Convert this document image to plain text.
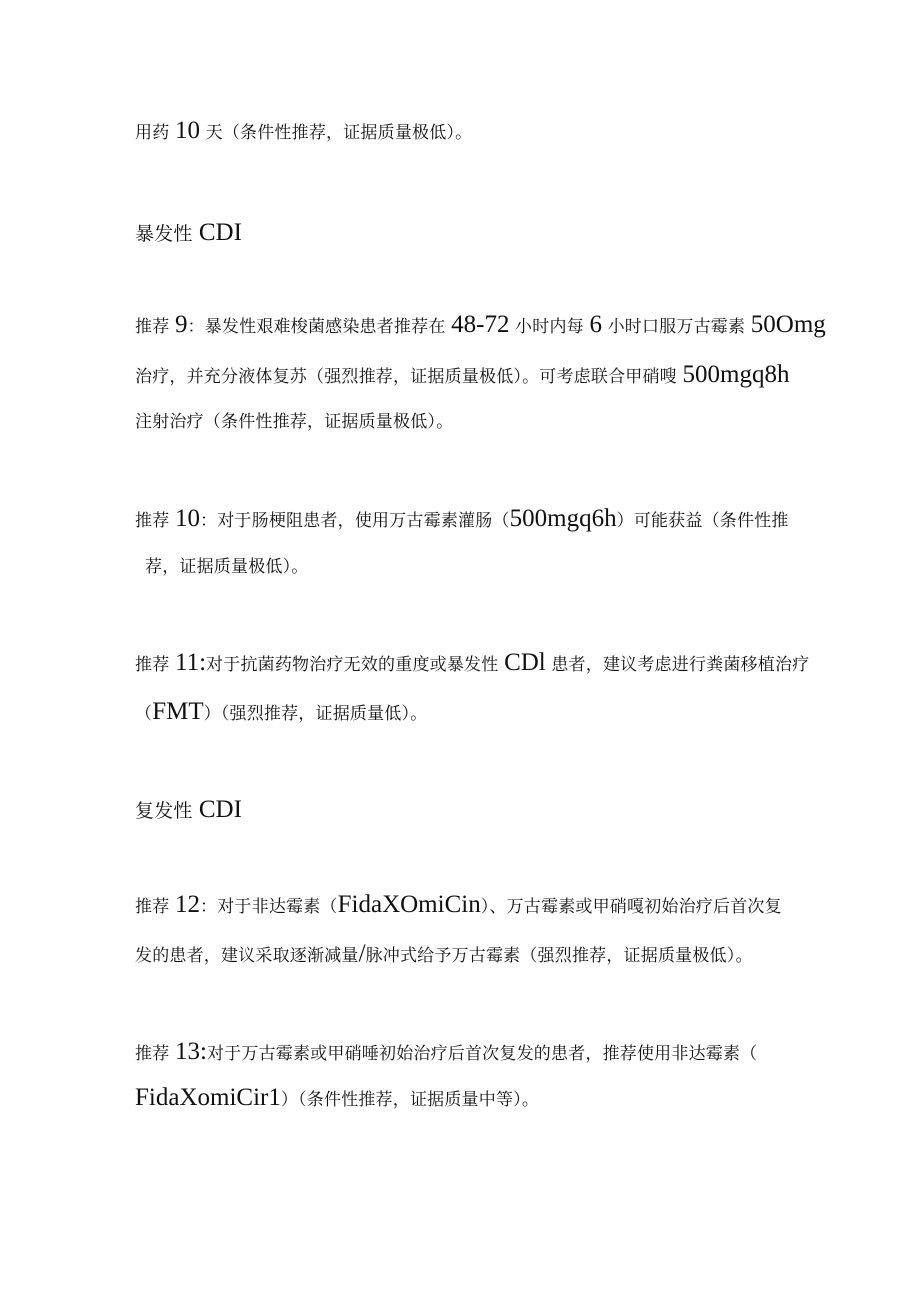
用药 10 天（条件性推荐，证据质量极低）。
暴发性 CDI
推荐 9：暴发性艰难梭菌感染患者推荐在 48-72 小时内每 6 小时口服万古霉素 50Omg
治疗，并充分液体复苏（强烈推荐，证据质量极低）。可考虑联合甲硝嗖 500mgq8h
注射治疗（条件性推荐，证据质量极低）。
推荐 10：对于肠梗阻患者，使用万古霉素灌肠（500mgq6h）可能获益（条件性推
荐，证据质量极低）。
推荐 11:对于抗菌药物治疗无效的重度或暴发性 CDl 患者，建议考虑进行粪菌移植治疗
（FMT）（强烈推荐，证据质量低）。
复发性 CDI
推荐 12：对于非达霉素（FidaXOmiCin）、万古霉素或甲硝嘎初始治疗后首次复
发的患者，建议采取逐渐减量/脉冲式给予万古霉素（强烈推荐，证据质量极低）。
推荐 13:对于万古霉素或甲硝唾初始治疗后首次复发的患者，推荐使用非达霉素（
FidaXomiCir1）（条件性推荐，证据质量中等）。
